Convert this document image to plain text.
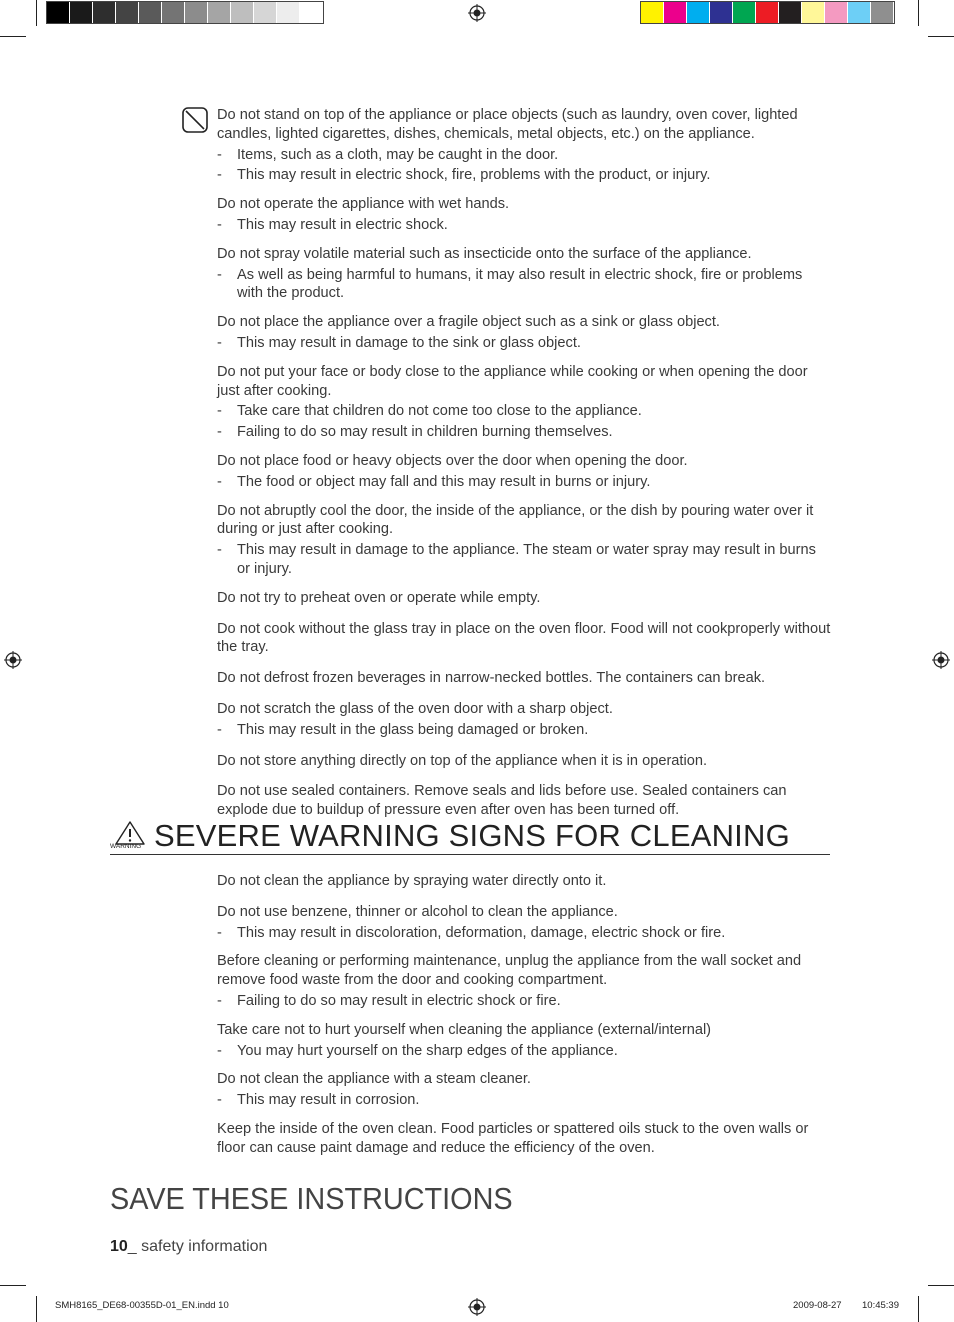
Do not stand on top of the appliance or place objects (such as laundry, oven cover, lighted candles, lighted cigarettes, dishes, chemicals, metal objects, etc.) on the appliance.

- Items, such as a cloth, may be caught in the door.
- This may result in electric shock, fire, problems with the product, or injury.

Do not operate the appliance with wet hands.

- This may result in electric shock.

Do not spray volatile material such as insecticide onto the surface of the appliance.

- As well as being harmful to humans, it may also result in electric shock, fire or problems with the product.

Do not place the appliance over a fragile object such as a sink or glass object.

- This may result in damage to the sink or glass object.

Do not put your face or body close to the appliance while cooking or when opening the door just after cooking.

- Take care that children do not come too close to the appliance.
- Failing to do so may result in children burning themselves.

Do not place food or heavy objects over the door when opening the door.

- The food or object may fall and this may result in burns or injury.

Do not abruptly cool the door, the inside of the appliance, or the dish by pouring water over it during or just after cooking.

- This may result in damage to the appliance. The steam or water spray may result in burns or injury.

Do not try to preheat oven or operate while empty.

Do not cook without the glass tray in place on the oven floor. Food will not cookproperly without the tray.

Do not defrost frozen beverages in narrow-necked bottles. The containers can break.

Do not scratch the glass of the oven door with a sharp object.

- This may result in the glass being damaged or broken.

Do not store anything directly on top of the appliance when it is in operation.

Do not use sealed containers. Remove seals and lids before use. Sealed containers can explode due to buildup of pressure even after oven has been turned off.

WARNING SEVERE WARNING SIGNS FOR CLEANING

Do not clean the appliance by spraying water directly onto it.

Do not use benzene, thinner or alcohol to clean the appliance.

- This may result in discoloration, deformation, damage, electric shock or fire.

Before cleaning or performing maintenance, unplug the appliance from the wall socket and remove food waste from the door and cooking compartment.

- Failing to do so may result in electric shock or fire.

Take care not to hurt yourself when cleaning the appliance (external/internal)

- You may hurt yourself on the sharp edges of the appliance.

Do not clean the appliance with a steam cleaner.

- This may result in corrosion.

Keep the inside of the oven clean. Food particles or spattered oils stuck to the oven walls or floor can cause paint damage and reduce the efficiency of the oven.

SAVE THESE INSTRUCTIONS
10_ safety information
SMH8165_DE68-00355D-01_EN.indd 10	2009-08-27 10:45:39
